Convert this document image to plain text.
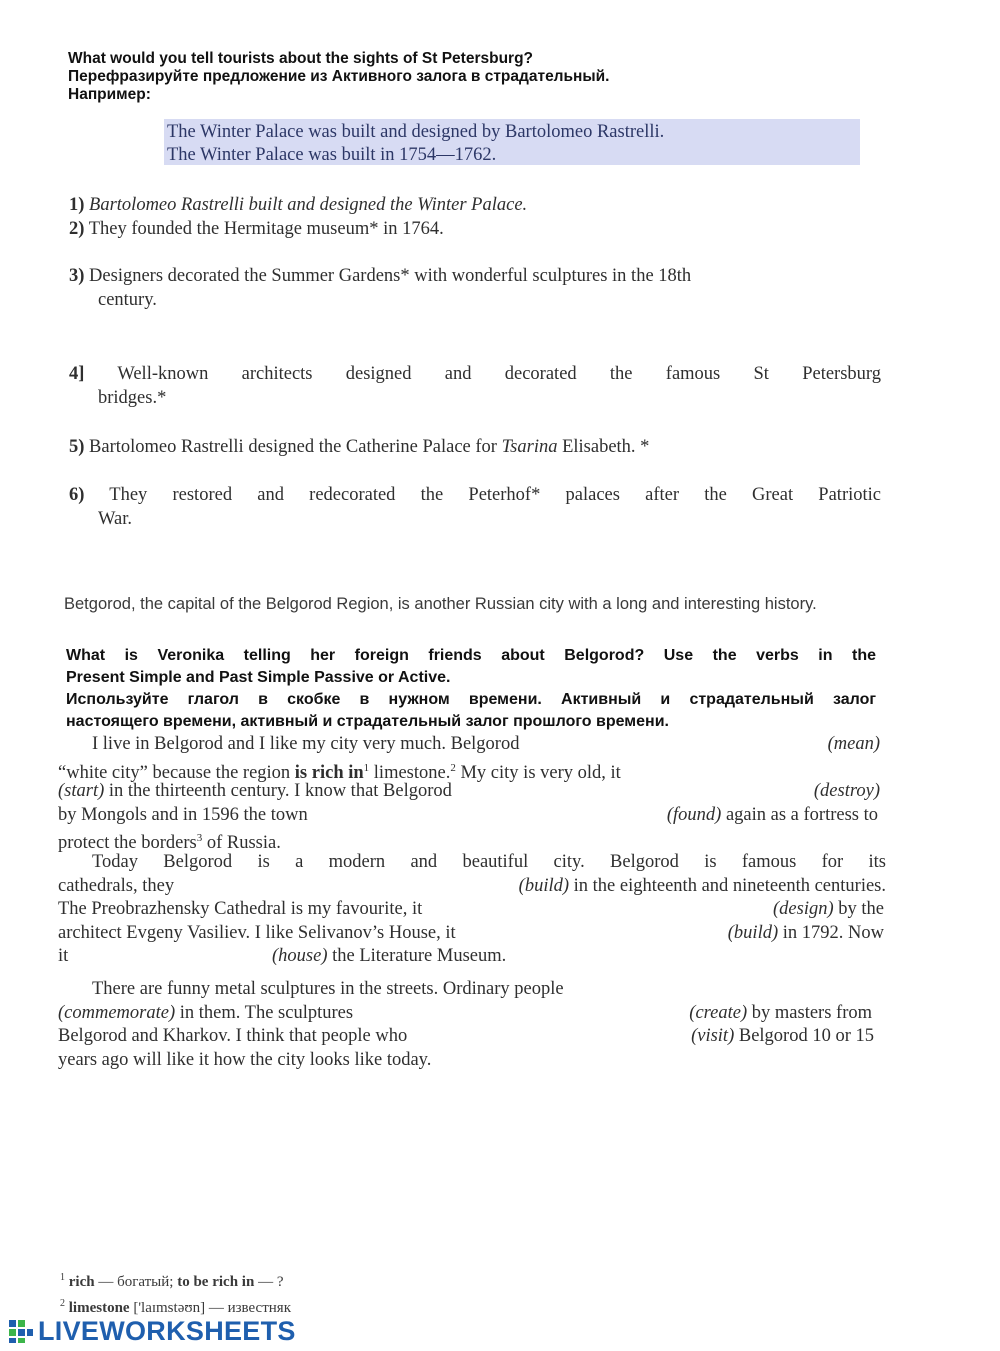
What would you tell tourists about the sights of St Petersburg?
Перефразируйте предложение из Активного залога в страдательный.
Например:
The Winter Palace was built and designed by Bartolomeo Rastrelli.
The Winter Palace was built in 1754—1762.
1) Bartolomeo Rastrelli built and designed the Winter Palace.
2) They founded the Hermitage museum* in 1764.
3) Designers decorated the Summer Gardens* with wonderful sculptures in the 18th
century.
4] Well-known architects designed and decorated the famous St Petersburg
bridges.*
5) Bartolomeo Rastrelli designed the Catherine Palace for Tsarina Elisabeth. *
6) They restored and redecorated the Peterhof* palaces after the Great Patriotic
War.
Betgorod, the capital of the Belgorod Region, is another Russian city with a long and interesting history.
What is Veronika telling her foreign friends about Belgorod? Use the verbs in the
Present Simple and Past Simple Passive or Active.
Используйте глагол в скобке в нужном времени. Активный и страдательный залог
настоящего времени, активный и страдательный залог прошлого времени.
I live in Belgorod and I like my city very much. Belgorod	(mean)
“white city” because the region is rich $in^1$ limestone.$^2$ My city is very old, it
(start) in the thirteenth century. I know that Belgorod	(destroy)
by Mongols and in 1596 the town	(found) again as a fortress to
protect the borders$^3$ of Russia.
Today Belgorod is a modern and beautiful city. Belgorod is famous for its
cathedrals, they	(build) in the eighteenth and nineteenth centuries.
The Preobrazhensky Cathedral is my favourite, it	(design) by the
architect Evgeny Vasiliev. I like Selivanov’s House, it	(build) in 1792. Now
it	(house) the Literature Museum.
There are funny metal sculptures in the streets. Ordinary people
(commemorate) in them. The sculptures	(create) by masters from
Belgorod and Kharkov. I think that people who	(visit) Belgorod 10 or 15
years ago will like it how the city looks like today.
$^1$ rich — богатый; to be rich in — ?
$^2$ limestone ['laɪmstəʊn] — известняк
LIVEWORKSHEETS
